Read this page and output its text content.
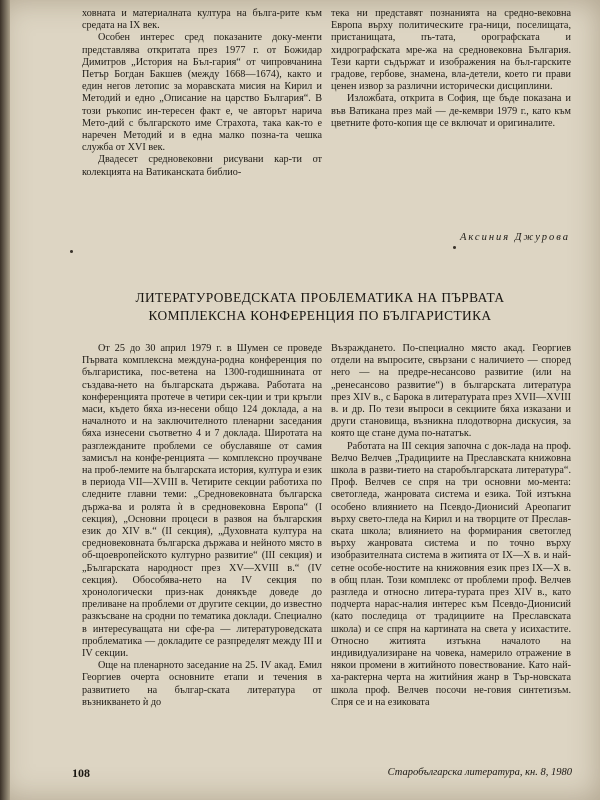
ховната и материалната култура на бълга-рите към средата на IX век.

Особен интерес сред показаните доку-менти представлява откритата през 1977 г. от Божидар Димитров „История на Бъл-гария“ от чипровчанина Петър Богдан Бакшев (между 1668—1674), както и един негов летопис за моравската мисия на Кирил и Методий и едно „Описание на царство България“. В този ръкопис ин-тересен факт е, че авторът нарича Мето-дий с българското име Страхота, така как-то е наречен Методий и в една малко позна-та чешка служба от XVI век.

Двадесет средновековни рисувани кар-ти от колекцията на Ватиканската библио-

тека ни представят познанията на средно-вековна Европа върху политическите гра-ници, поселищата, пристанищата, пъ-тата, орографската и хидрографската мре-жа на средновековна България. Тези карти съдържат и изображения на бъл-гарските градове, гербове, знамена, вла-детели, което ги прави ценен извор за различни исторически дисциплини.

Изложбата, открита в София, ще бъде показана и във Ватикана през май — де-кември 1979 г., като към цветните фото-копия ще се включат и оригиналите.

Аксиния Джурова
ЛИТЕРАТУРОВЕДСКАТА ПРОБЛЕМАТИКА НА ПЪРВАТА
КОМПЛЕКСНА КОНФЕРЕНЦИЯ ПО БЪЛГАРИСТИКА

От 25 до 30 април 1979 г. в Шумен се проведе Първата комплексна междуна-родна конференция по българистика, пос-ветена на 1300-годишнината от създава-нето на българската държава. Работата на конференцията протече в четири сек-ции и три кръгли маси, където бяха из-несени общо 124 доклада, а на началното и на заключителното пленарни заседания бяха изнесени съответно 4 и 7 доклада. Широтата на разглежданите проблеми се обуславяше от самия замисъл на конфе-ренцията — комплексно проучване на проб-лемите на българската история, култура и език в периода VII—XVIII в. Четирите секции работиха по следните главни теми: „Средновековната българска държа-ва и ролята ѝ в средновековна Европа“ (I секция), „Основни процеси в развоя на българския език до XIV в.“ (II секция), „Духовната култура на средновековната българска държава и нейното място в об-щоевропейското културно развитие“ (III секция) и „Българската народност през XV—XVIII в.“ (IV секция). Обособява-нето на IV секция по хронологически приз-нак донякъде доведе до преливане на проблеми от другите секции, до известно разкъсване на сродни по тематика доклади. Специално в интересуващата ни сфе-ра — литературоведската проблематика — докладите се разпределят между III и IV секции.

Още на пленарното заседание на 25. IV акад. Емил Георгиев очерта основните етапи и течения в развитието на българ-ската литература от възникването ѝ до

Възраждането. По-специално място акад. Георгиев отдели на въпросите, свързани с наличието — според него — на предре-несансово развитие (или на „ренесансово развитие“) в българската литература през XIV в., с Барока в литературата през XVII—XVIII в. и др. По тези въпроси в секциите бяха изказани и други становища, възникна плодотворна дискусия, за която ще стане дума по-нататък.

Работата на III секция започна с док-лада на проф. Велчо Велчев „Традициите на Преславската книжовна школа в разви-тието на старобългарската литература“. Проф. Велчев се спря на три основни мо-мента: светогледа, жанровата система и езика. Той изтъкна особено влиянието на Псевдо-Дионисий Ареопагит върху свето-гледа на Кирил и на творците от Преслав-ската школа; влиянието на формирания светоглед върху жанровата система и по точно върху изобразителната система в житията от IX—X в. и най-сетне особе-ностите на книжовния език през IX—X в. в общ план. Този комплекс от проблеми проф. Велчев разгледа и относно литера-турата през XIV в., като подчерта нарас-налия интерес към Псевдо-Дионисий (като последица от традициите на Преславската школа) и се спря на картината на света у исихастите. Относно житията изтъкна началото на индивидуализиране на човека, намерило отражение в някои промени в житийното повествование. Като най-ха-рактерна черта на житийния жанр в Тър-новската школа проф. Велчев посочи не-говия синтетизъм. Спря се и на езиковата

108	Старобългарска литература, кн. 8, 1980
